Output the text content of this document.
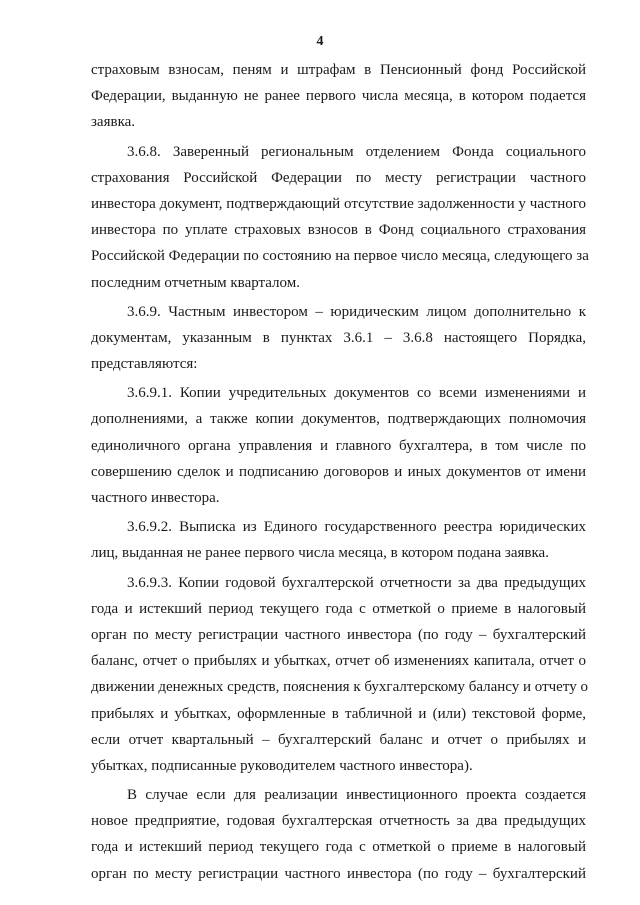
4
страховым взносам, пеням и штрафам в Пенсионный фонд Российской
Федерации, выданную не ранее первого числа месяца, в котором подается
заявка.
3.6.8. Заверенный региональным отделением Фонда социального
страхования Российской Федерации по месту регистрации частного
инвестора документ, подтверждающий отсутствие задолженности у частного
инвестора по уплате страховых взносов в Фонд социального страхования
Российской Федерации по состоянию на первое число месяца, следующего за
последним отчетным кварталом.
3.6.9. Частным инвестором – юридическим лицом дополнительно к
документам, указанным в пунктах 3.6.1 – 3.6.8 настоящего Порядка,
представляются:
3.6.9.1. Копии учредительных документов со всеми изменениями и
дополнениями, а также копии документов, подтверждающих полномочия
единоличного органа управления и главного бухгалтера, в том числе по
совершению сделок и подписанию договоров и иных документов от имени
частного инвестора.
3.6.9.2. Выписка из Единого государственного реестра юридических
лиц, выданная не ранее первого числа месяца, в котором подана заявка.
3.6.9.3. Копии годовой бухгалтерской отчетности за два предыдущих
года и истекший период текущего года с отметкой о приеме в налоговый
орган по месту регистрации частного инвестора (по году – бухгалтерский
баланс, отчет о прибылях и убытках, отчет об изменениях капитала, отчет о
движении денежных средств, пояснения к бухгалтерскому балансу и отчету о
прибылях и убытках, оформленные в табличной и (или) текстовой форме,
если отчет квартальный – бухгалтерский баланс и отчет о прибылях и
убытках, подписанные руководителем частного инвестора).
В случае если для реализации инвестиционного проекта создается
новое предприятие, годовая бухгалтерская отчетность за два предыдущих
года и истекший период текущего года с отметкой о приеме в налоговый
орган по месту регистрации частного инвестора (по году – бухгалтерский
